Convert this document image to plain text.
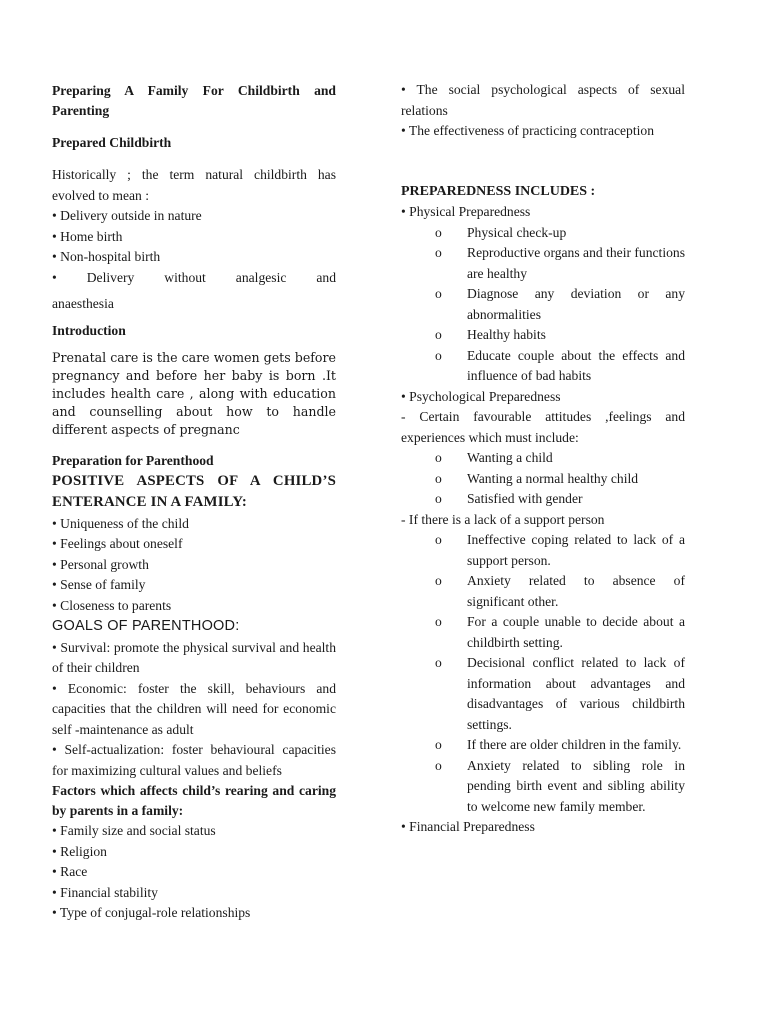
Preparing A Family For Childbirth and Parenting

Prepared Childbirth

Historically ; the term natural childbirth has evolved to mean :

• Delivery outside in nature
• Home birth
• Non-hospital birth
• Delivery without analgesic and
anaesthesia

Introduction

Prenatal care is the care women gets before pregnancy and before her baby is born .It includes health care , along with education and counselling about how to handle different aspects of pregnanc

Preparation for Parenthood

POSITIVE ASPECTS OF A CHILD’S ENTERANCE IN A FAMILY:

• Uniqueness of the child
• Feelings about oneself
• Personal growth
• Sense of family
• Closeness to parents

GOALS OF PARENTHOOD:

• Survival: promote the physical survival and health of their children
• Economic: foster the skill, behaviours and capacities that the children will need for economic self -maintenance as adult
• Self-actualization: foster behavioural capacities for maximizing cultural values and beliefs

Factors which affects child’s rearing and caring by parents in a family:

• Family size and social status
• Religion
• Race
• Financial stability
• Type of conjugal-role relationships
• The social psychological aspects of sexual relations
• The effectiveness of practicing contraception

PREPAREDNESS INCLUDES :

• Physical Preparedness

o Physical check-up
o Reproductive organs and their functions are healthy
o Diagnose any deviation or any abnormalities
o Healthy habits
o Educate couple about the effects and influence of bad habits

• Psychological Preparedness

- Certain favourable attitudes ,feelings and experiences which must include:

o Wanting a child
o Wanting a normal healthy child
o Satisfied with gender

- If there is a lack of a support person

o Ineffective coping related to lack of a support person.
o Anxiety related to absence of significant other.
o For a couple unable to decide about a childbirth setting.
o Decisional conflict related to lack of information about advantages and disadvantages of various childbirth settings.
o If there are older children in the family.
o Anxiety related to sibling role in pending birth event and sibling ability to welcome new family member.

• Financial Preparedness
